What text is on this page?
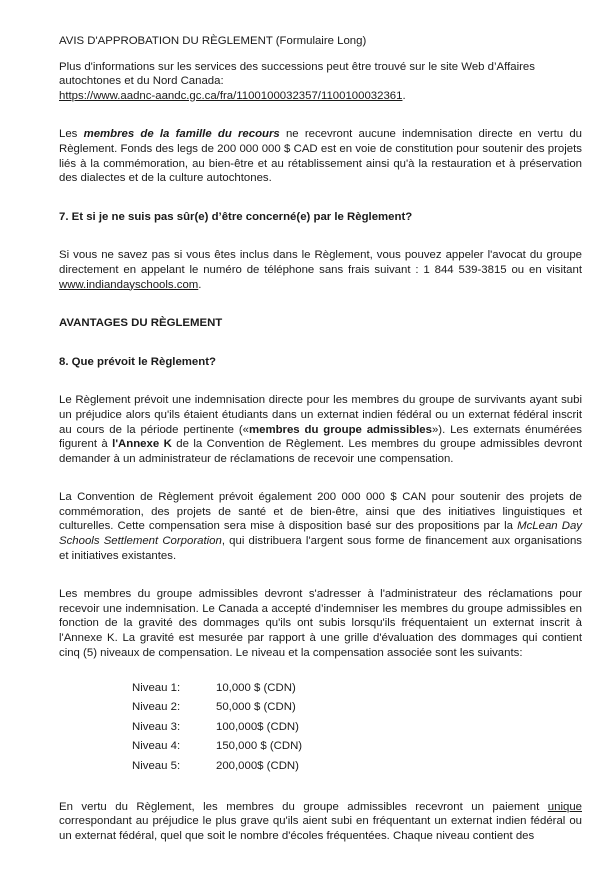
AVIS D'APPROBATION DU RÈGLEMENT (Formulaire Long)

Plus d'informations sur les services des successions peut être trouvé sur le site Web d’Affaires autochtones et du Nord Canada:
https://www.aadnc-aandc.gc.ca/fra/1100100032357/1100100032361.

Les membres de la famille du recours ne recevront aucune indemnisation directe en vertu du Règlement. Fonds des legs de 200 000 000 $ CAD est en voie de constitution pour soutenir des projets liés à la commémoration, au bien-être et au rétablissement ainsi qu'à la restauration et à préservation des dialectes et de la culture autochtones.

7. Et si je ne suis pas sûr(e) d’être concerné(e) par le Règlement?

Si vous ne savez pas si vous êtes inclus dans le Règlement, vous pouvez appeler l'avocat du groupe directement en appelant le numéro de téléphone sans frais suivant : 1 844 539-3815 ou en visitant www.indiandayschools.com.

AVANTAGES DU RÈGLEMENT

8. Que prévoit le Règlement?

Le Règlement prévoit une indemnisation directe pour les membres du groupe de survivants ayant subi un préjudice alors qu'ils étaient étudiants dans un externat indien fédéral ou un externat fédéral inscrit au cours de la période pertinente («membres du groupe admissibles»). Les externats énumérées figurent à l'Annexe K de la Convention de Règlement. Les membres du groupe admissibles devront demander à un administrateur de réclamations de recevoir une compensation.

La Convention de Règlement prévoit également 200 000 000 $ CAN pour soutenir des projets de commémoration, des projets de santé et de bien-être, ainsi que des initiatives linguistiques et culturelles. Cette compensation sera mise à disposition basé sur des propositions par la McLean Day Schools Settlement Corporation, qui distribuera l'argent sous forme de financement aux organisations et initiatives existantes.

Les membres du groupe admissibles devront s'adresser à l'administrateur des réclamations pour recevoir une indemnisation. Le Canada a accepté d’indemniser les membres du groupe admissibles en fonction de la gravité des dommages qu'ils ont subis lorsqu'ils fréquentaient un externat inscrit à l'Annexe K. La gravité est mesurée par rapport à une grille d'évaluation des dommages qui contient cinq (5) niveaux de compensation. Le niveau et la compensation associée sont les suivants:

Niveau 1:	10,000 $ (CDN)
Niveau 2:	50,000 $ (CDN)
Niveau 3:	100,000$ (CDN)
Niveau 4:	150,000 $ (CDN)
Niveau 5:	200,000$ (CDN)

En vertu du Règlement, les membres du groupe admissibles recevront un paiement unique correspondant au préjudice le plus grave qu'ils aient subi en fréquentant un externat indien fédéral ou un externat fédéral, quel que soit le nombre d'écoles fréquentées. Chaque niveau contient des
